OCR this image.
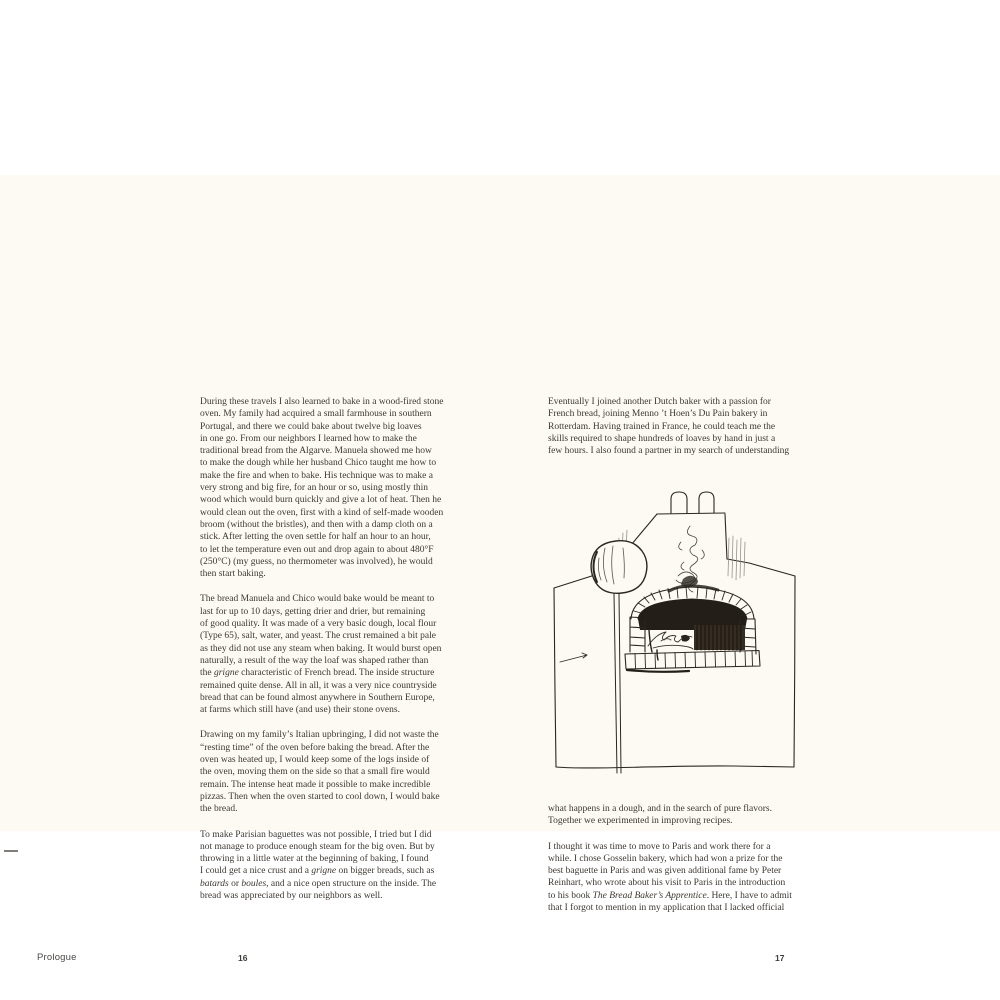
During these travels I also learned to bake in a wood-fired stone
oven. My family had acquired a small farmhouse in southern
Portugal, and there we could bake about twelve big loaves
in one go. From our neighbors I learned how to make the
traditional bread from the Algarve. Manuela showed me how
to make the dough while her husband Chico taught me how to
make the fire and when to bake. His technique was to make a
very strong and big fire, for an hour or so, using mostly thin
wood which would burn quickly and give a lot of heat. Then he
would clean out the oven, first with a kind of self-made wooden
broom (without the bristles), and then with a damp cloth on a
stick. After letting the oven settle for half an hour to an hour,
to let the temperature even out and drop again to about 480°F
(250°C) (my guess, no thermometer was involved), he would
then start baking.

The bread Manuela and Chico would bake would be meant to
last for up to 10 days, getting drier and drier, but remaining
of good quality. It was made of a very basic dough, local flour
(Type 65), salt, water, and yeast. The crust remained a bit pale
as they did not use any steam when baking. It would burst open
naturally, a result of the way the loaf was shaped rather than
the grigne characteristic of French bread. The inside structure
remained quite dense. All in all, it was a very nice countryside
bread that can be found almost anywhere in Southern Europe,
at farms which still have (and use) their stone ovens.

Drawing on my family’s Italian upbringing, I did not waste the
“resting time” of the oven before baking the bread. After the
oven was heated up, I would keep some of the logs inside of
the oven, moving them on the side so that a small fire would
remain. The intense heat made it possible to make incredible
pizzas. Then when the oven started to cool down, I would bake
the bread.

To make Parisian baguettes was not possible, I tried but I did
not manage to produce enough steam for the big oven. But by
throwing in a little water at the beginning of baking, I found
I could get a nice crust and a grigne on bigger breads, such as
batards or boules, and a nice open structure on the inside. The
bread was appreciated by our neighbors as well.

Eventually I joined another Dutch baker with a passion for
French bread, joining Menno ’t Hoen’s Du Pain bakery in
Rotterdam. Having trained in France, he could teach me the
skills required to shape hundreds of loaves by hand in just a
few hours. I also found a partner in my search of understanding

what happens in a dough, and in the search of pure flavors.
Together we experimented in improving recipes.

I thought it was time to move to Paris and work there for a
while. I chose Gosselin bakery, which had won a prize for the
best baguette in Paris and was given additional fame by Peter
Reinhart, who wrote about his visit to Paris in the introduction
to his book The Bread Baker’s Apprentice. Here, I have to admit
that I forgot to mention in my application that I lacked official

Prologue	16	17
